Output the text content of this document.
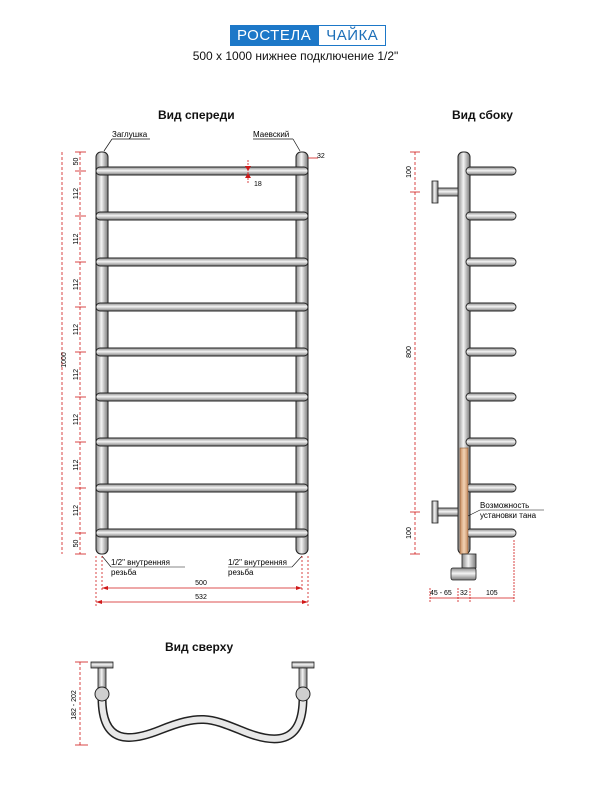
РОСТЕЛА	ЧАЙКА
500 x 1000 нижнее подключение 1/2"
Вид спереди	Вид сбоку
Вид сверху
1000
Заглушка	Маевский
32
18
1/2" внутренняя
резьба
1/2" внутренняя
резьба
500
532
Возможность
установки тана
100
800
100
45 - 65 32	105
182 - 202
50
112
112
112
112
112
112
112
112
50
